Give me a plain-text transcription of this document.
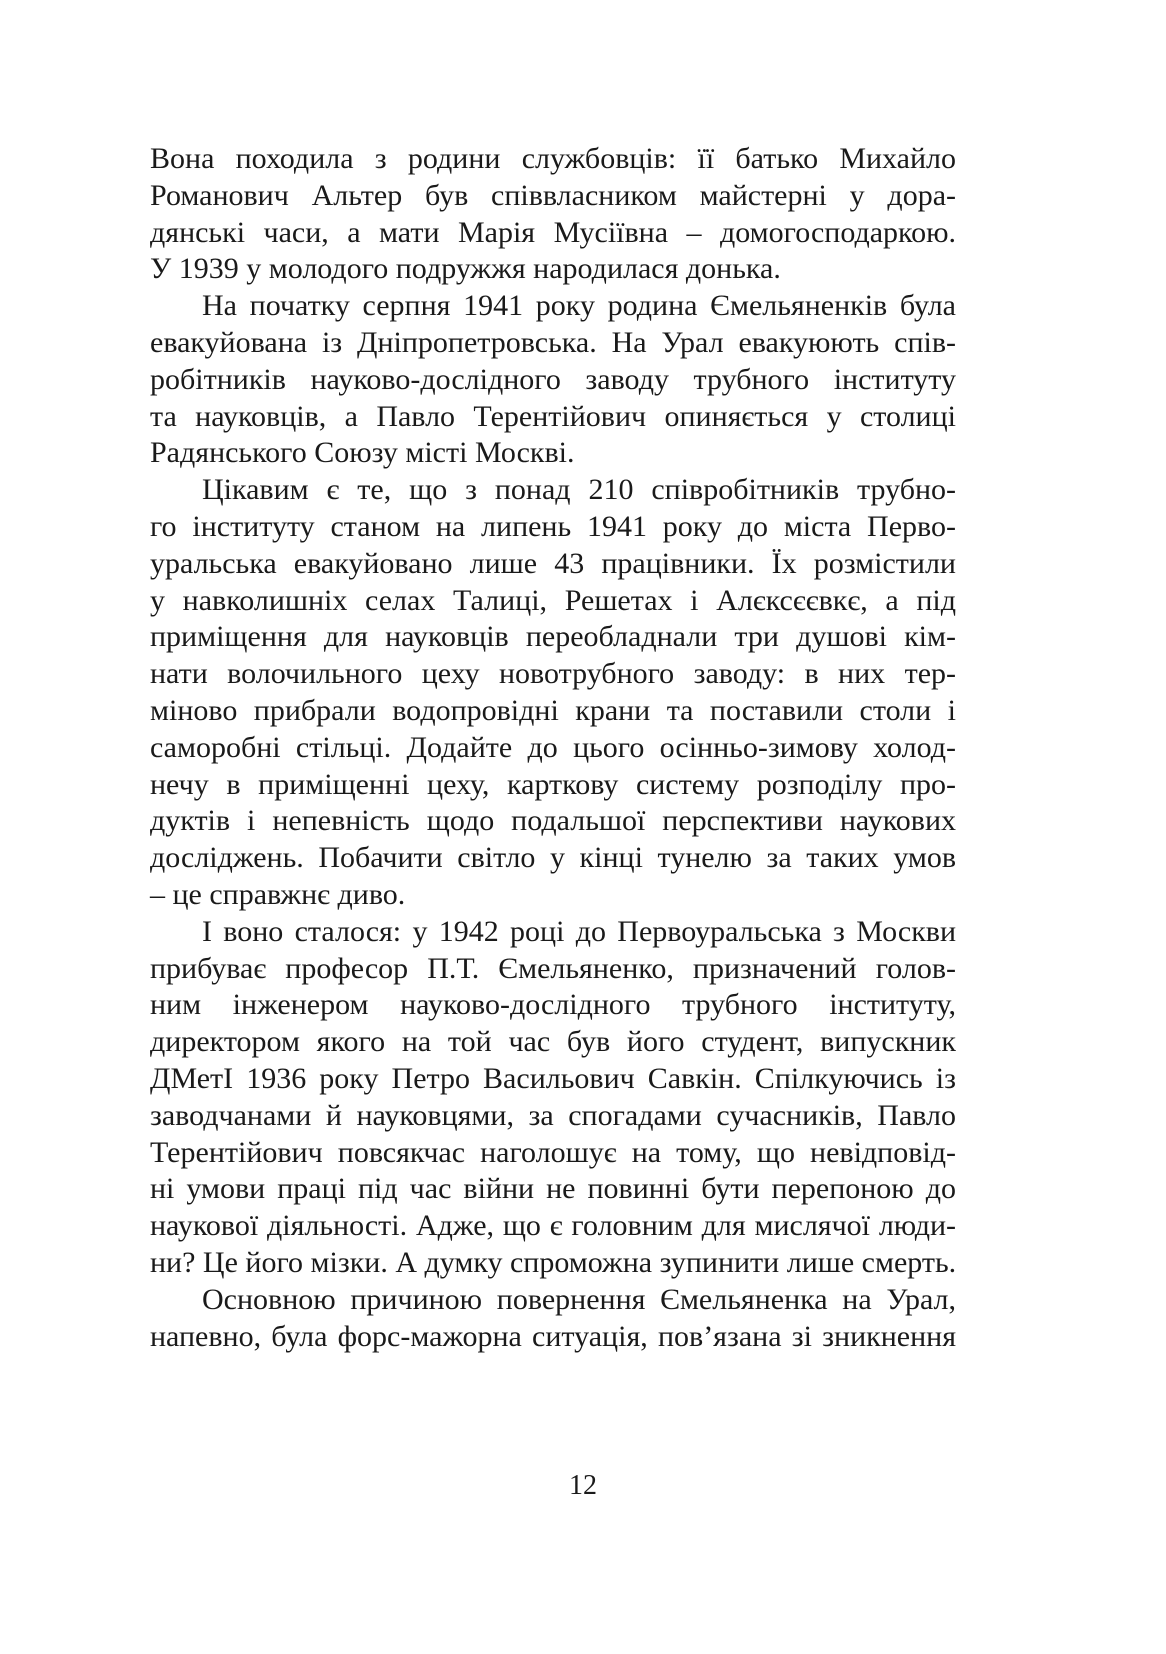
Вона походила з родини службовців: її батько Михайло
Романович Альтер був співвласником майстерні у дора-
дянські часи, а мати Марія Мусіївна – домогосподаркою.
У 1939 у молодого подружжя народилася донька.
На початку серпня 1941 року родина Ємельяненків була
евакуйована із Дніпропетровська. На Урал евакуюють спів-
робітників науково-дослідного заводу трубного інституту
та науковців, а Павло Терентійович опиняється у столиці
Радянського Союзу місті Москві.
Цікавим є те, що з понад 210 співробітників трубно-
го інституту станом на липень 1941 року до міста Перво-
уральська евакуйовано лише 43 працівники. Їх розмістили
у навколишніх селах Талиці, Решетах і Алєксєєвкє, а під
приміщення для науковців переобладнали три душові кім-
нати волочильного цеху новотрубного заводу: в них тер-
міново прибрали водопровідні крани та поставили столи і
саморобні стільці. Додайте до цього осінньо-зимову холод-
нечу в приміщенні цеху, карткову систему розподілу про-
дуктів і непевність щодо подальшої перспективи наукових
досліджень. Побачити світло у кінці тунелю за таких умов
– це справжнє диво.
І воно сталося: у 1942 році до Первоуральська з Москви
прибуває професор П.Т. Ємельяненко, призначений голов-
ним інженером науково-дослідного трубного інституту,
директором якого на той час був його студент, випускник
ДМетІ 1936 року Петро Васильович Савкін. Спілкуючись із
заводчанами й науковцями, за спогадами сучасників, Павло
Терентійович повсякчас наголошує на тому, що невідповід-
ні умови праці під час війни не повинні бути перепоною до
наукової діяльності. Адже, що є головним для мислячої люди-
ни? Це його мізки. А думку спроможна зупинити лише смерть.
Основною причиною повернення Ємельяненка на Урал,
напевно, була форс-мажорна ситуація, пов’язана зі зникнення
12
